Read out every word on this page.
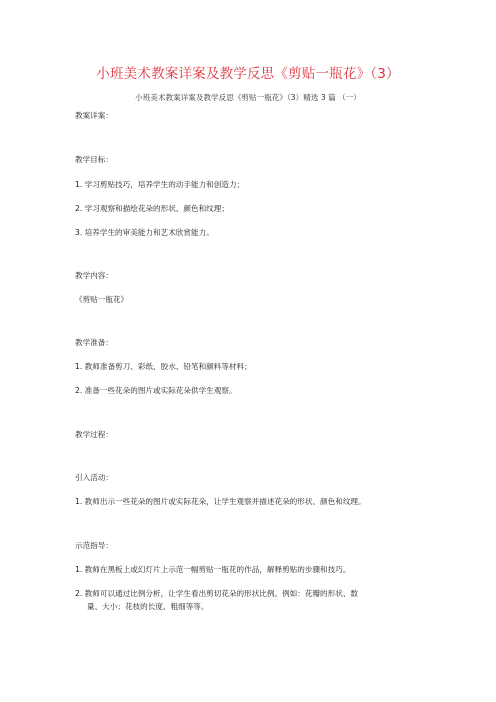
小班美术教案详案及教学反思《剪贴一瓶花》（3）
小班美术教案详案及教学反思《剪贴一瓶花》（3）精选 3 篇 （一）
教案详案：
教学目标：
1. 学习剪贴技巧，培养学生的动手能力和创造力；
2. 学习观察和描绘花朵的形状、颜色和纹理；
3. 培养学生的审美能力和艺术欣赏能力。
教学内容：
《剪贴一瓶花》
教学准备：
1. 教师准备剪刀、彩纸、胶水、铅笔和颜料等材料；
2. 准备一些花朵的图片或实际花朵供学生观察。
教学过程：
引入活动：
1. 教师出示一些花朵的图片或实际花朵，让学生观察并描述花朵的形状、颜色和纹理。
示范指导：
1. 教师在黑板上或幻灯片上示范一幅剪贴一瓶花的作品，解释剪贴的步骤和技巧。
2. 教师可以通过比例分析，让学生看出剪切花朵的形状比例。例如：花瓣的形状、数
量、大小；花枝的长度、粗细等等。
